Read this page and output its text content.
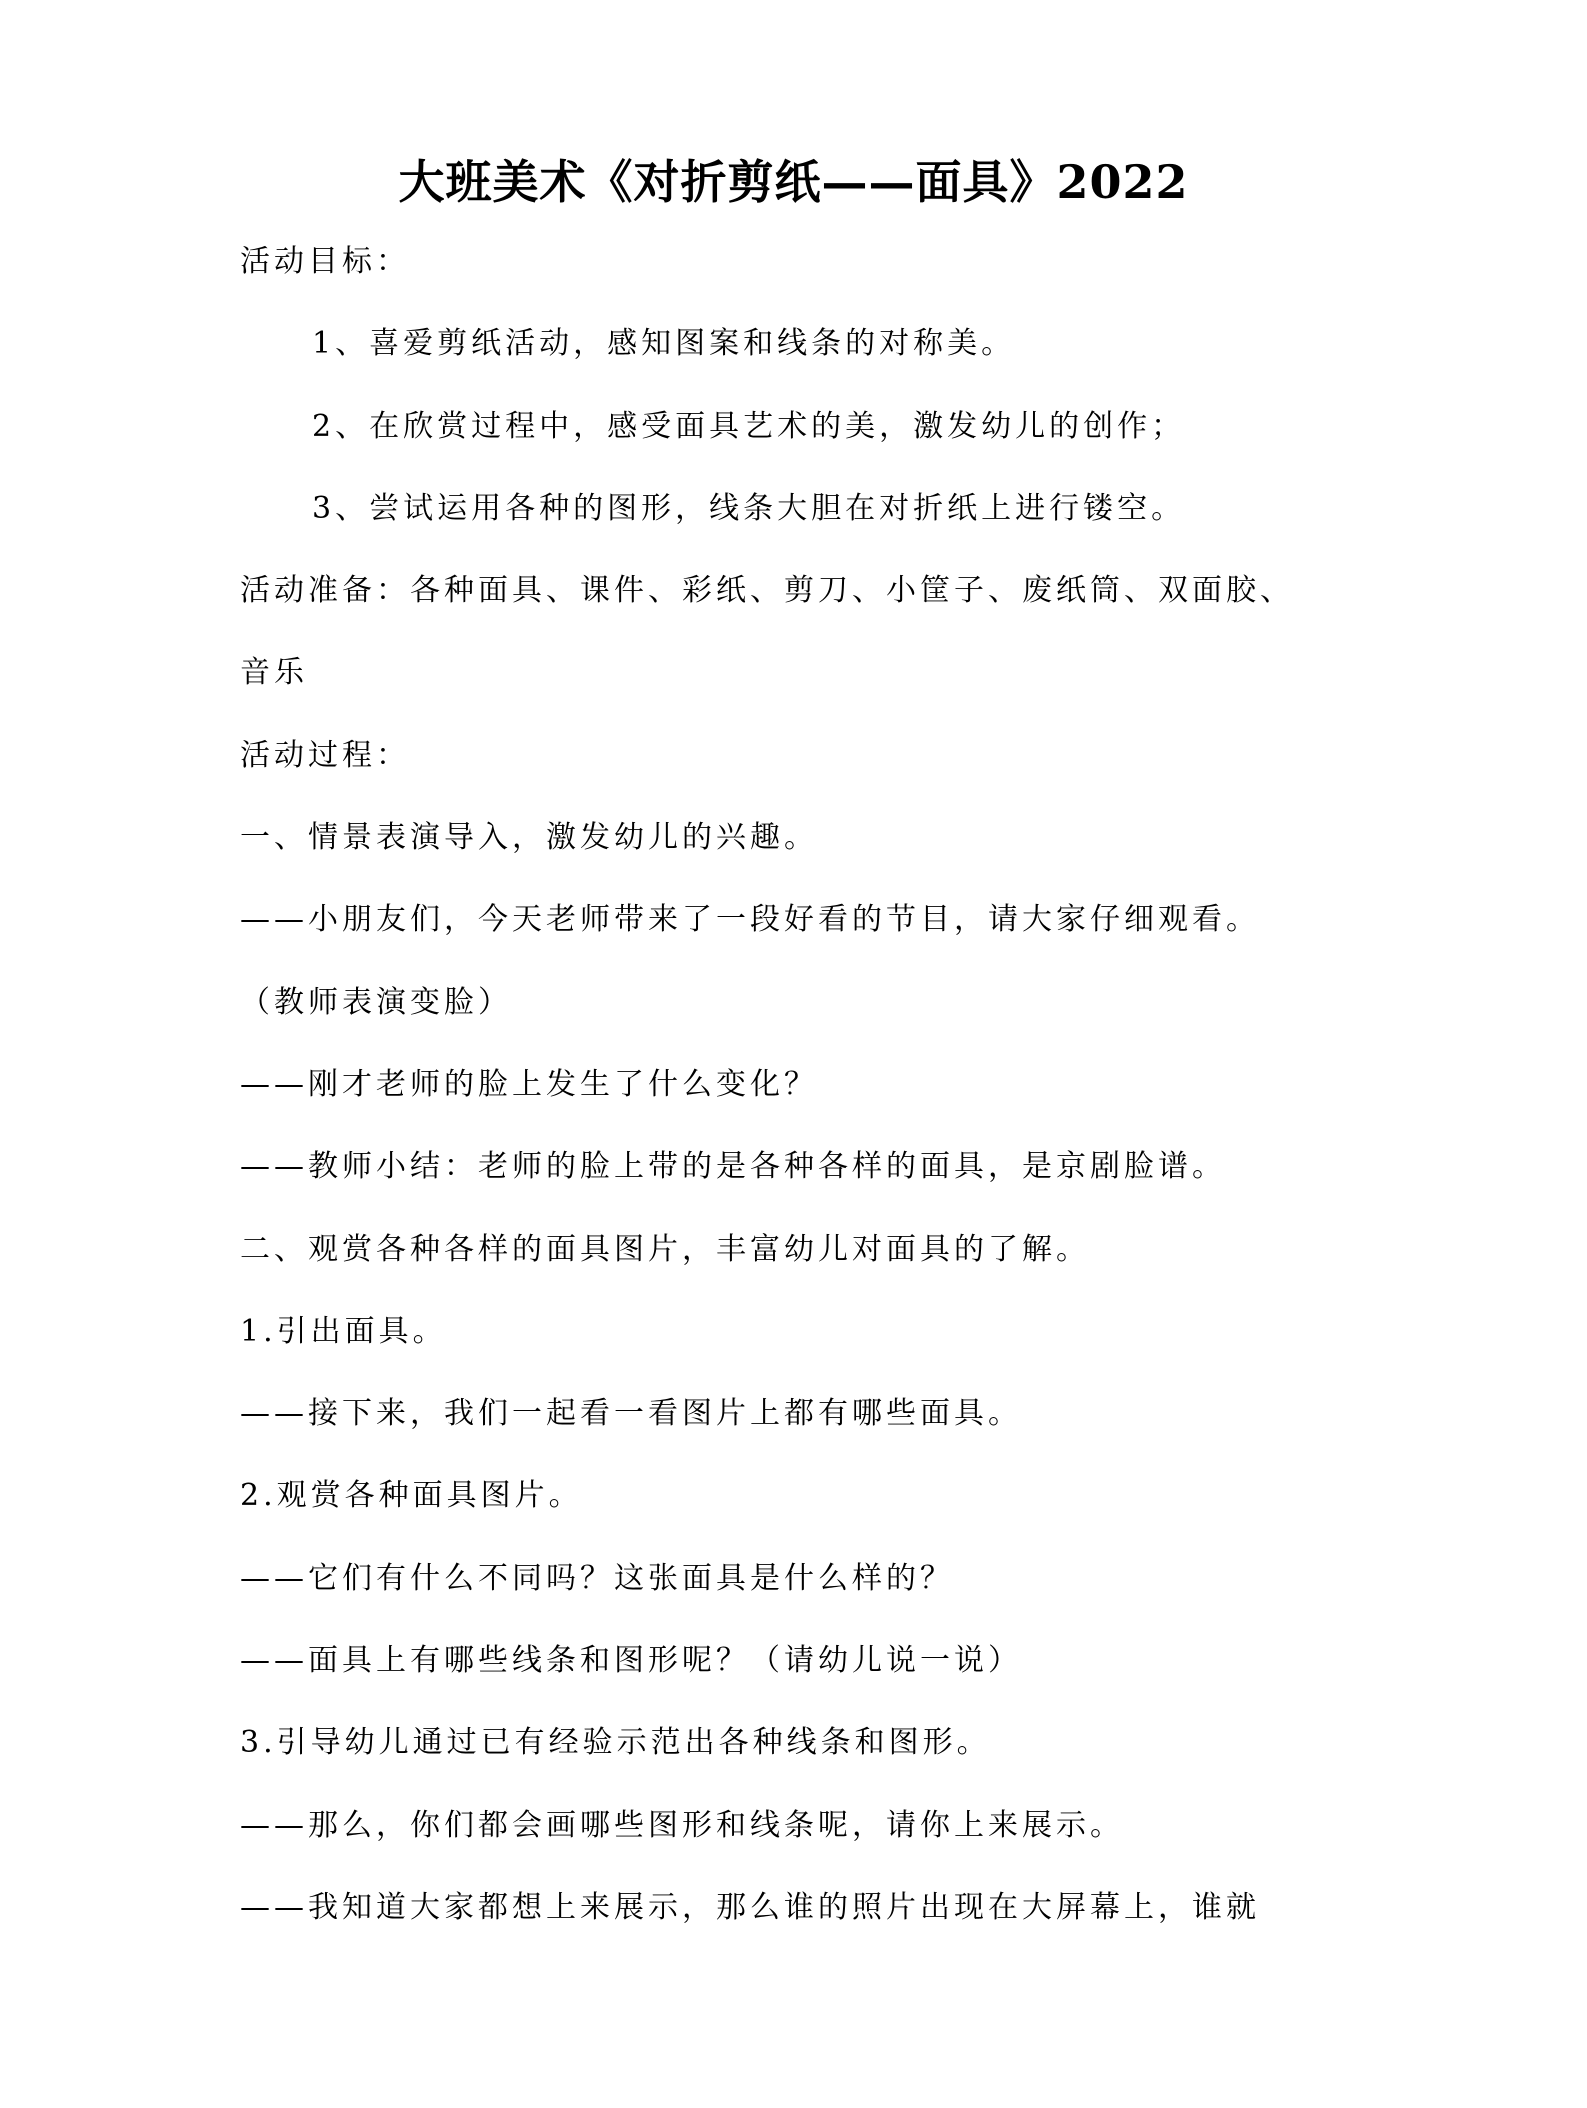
大班美术《对折剪纸——面具》2022

活动目标：

1、喜爱剪纸活动，感知图案和线条的对称美。

2、在欣赏过程中，感受面具艺术的美，激发幼儿的创作；

3、尝试运用各种的图形，线条大胆在对折纸上进行镂空。

活动准备：各种面具、课件、彩纸、剪刀、小筐子、废纸筒、双面胶、

音乐

活动过程：

一、情景表演导入，激发幼儿的兴趣。

——小朋友们，今天老师带来了一段好看的节目，请大家仔细观看。

（教师表演变脸）

——刚才老师的脸上发生了什么变化？

——教师小结：老师的脸上带的是各种各样的面具，是京剧脸谱。

二、观赏各种各样的面具图片，丰富幼儿对面具的了解。

1.引出面具。

——接下来，我们一起看一看图片上都有哪些面具。

2.观赏各种面具图片。

——它们有什么不同吗？这张面具是什么样的？

——面具上有哪些线条和图形呢？（请幼儿说一说）

3.引导幼儿通过已有经验示范出各种线条和图形。

——那么，你们都会画哪些图形和线条呢，请你上来展示。

——我知道大家都想上来展示，那么谁的照片出现在大屏幕上，谁就
